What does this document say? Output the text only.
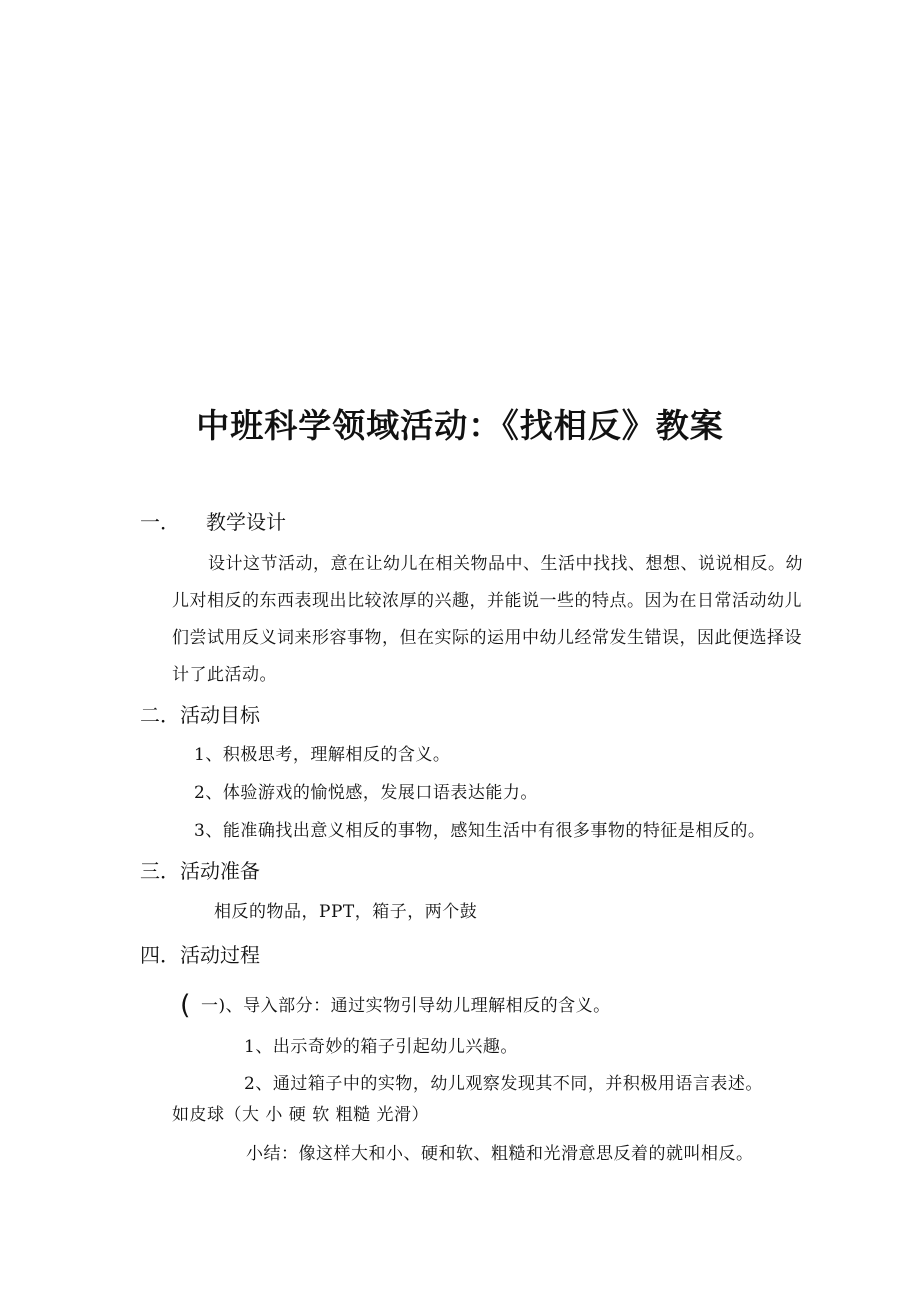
中班科学领域活动：《找相反》教案
一． 教学设计
设计这节活动，意在让幼儿在相关物品中、生活中找找、想想、说说相反。幼儿对相反的东西表现出比较浓厚的兴趣，并能说一些的特点。因为在日常活动幼儿们尝试用反义词来形容事物，但在实际的运用中幼儿经常发生错误，因此便选择设计了此活动。
二．活动目标
1、积极思考，理解相反的含义。
2、体验游戏的愉悦感，发展口语表达能力。
3、能准确找出意义相反的事物，感知生活中有很多事物的特征是相反的。
三．活动准备
相反的物品，PPT，箱子，两个鼓
四．活动过程
( 一)、导入部分：通过实物引导幼儿理解相反的含义。
1、出示奇妙的箱子引起幼儿兴趣。
2、通过箱子中的实物，幼儿观察发现其不同，并积极用语言表述。
如皮球（大 小 硬 软 粗糙 光滑）
小结：像这样大和小、硬和软、粗糙和光滑意思反着的就叫相反。
